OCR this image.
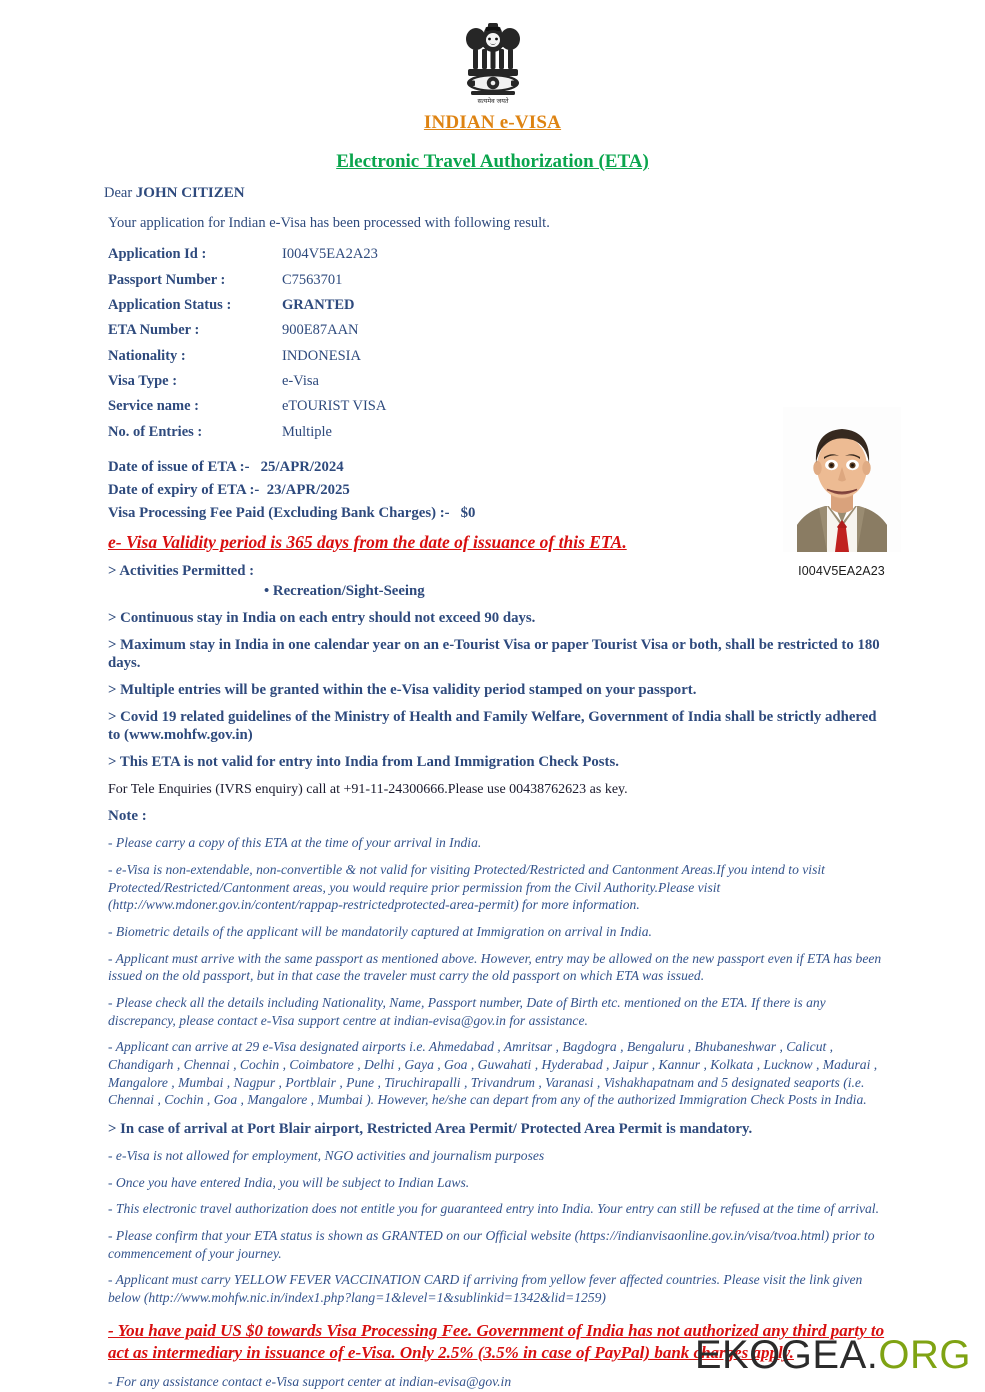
सत्यमेव जयते
INDIAN e-VISA
Electronic Travel Authorization (ETA)
I004V5EA2A23
Dear JOHN CITIZEN
Your application for Indian e-Visa has been processed with following result.
Application Id :	I004V5EA2A23
Passport Number :	C7563701
Application Status :	GRANTED
ETA Number :	900E87AAN
Nationality :	INDONESIA
Visa Type :	e-Visa
Service name :	eTOURIST VISA
No. of Entries :	Multiple
Date of issue of ETA :-   25/APR/2024
Date of expiry of ETA :-  23/APR/2025
Visa Processing Fee Paid (Excluding Bank Charges) :-   $0
e- Visa Validity period is 365 days from the date of issuance of this ETA.
> Activities Permitted :
• Recreation/Sight-Seeing
> Continuous stay in India on each entry should not exceed 90 days.
> Maximum stay in India in one calendar year on an e-Tourist Visa or paper Tourist Visa or both, shall be restricted to 180 days.
> Multiple entries will be granted within the e-Visa validity period stamped on your passport.
> Covid 19 related guidelines of the Ministry of Health and Family Welfare, Government of India shall be strictly adhered to (www.mohfw.gov.in)
> This ETA is not valid for entry into India from Land Immigration Check Posts.
For Tele Enquiries (IVRS enquiry) call at +91-11-24300666.Please use 00438762623 as key.
Note :
- Please carry a copy of this ETA at the time of your arrival in India.
- e-Visa is non-extendable, non-convertible & not valid for visiting Protected/Restricted and Cantonment Areas.If you intend to visit Protected/Restricted/Cantonment areas, you would require prior permission from the Civil Authority.Please visit (http://www.mdoner.gov.in/content/rappap-restrictedprotected-area-permit) for more information.
- Biometric details of the applicant will be mandatorily captured at Immigration on arrival in India.
- Applicant must arrive with the same passport as mentioned above. However, entry may be allowed on the new passport even if ETA has been issued on the old passport, but in that case the traveler must carry the old passport on which ETA was issued.
- Please check all the details including Nationality, Name, Passport number, Date of Birth etc. mentioned on the ETA. If there is any discrepancy, please contact e-Visa support centre at indian-evisa@gov.in for assistance.
- Applicant can arrive at 29 e-Visa designated airports i.e. Ahmedabad , Amritsar , Bagdogra , Bengaluru , Bhubaneshwar , Calicut , Chandigarh , Chennai , Cochin , Coimbatore , Delhi , Gaya , Goa , Guwahati , Hyderabad , Jaipur , Kannur , Kolkata , Lucknow , Madurai , Mangalore , Mumbai , Nagpur , Portblair , Pune , Tiruchirapalli , Trivandrum , Varanasi , Vishakhapatnam and 5 designated seaports (i.e. Chennai , Cochin , Goa , Mangalore , Mumbai ). However, he/she can depart from any of the authorized Immigration Check Posts in India.
> In case of arrival at Port Blair airport, Restricted Area Permit/ Protected Area Permit is mandatory.
- e-Visa is not allowed for employment, NGO activities and journalism purposes
- Once you have entered India, you will be subject to Indian Laws.
- This electronic travel authorization does not entitle you for guaranteed entry into India. Your entry can still be refused at the time of arrival.
- Please confirm that your ETA status is shown as GRANTED on our Official website (https://indianvisaonline.gov.in/visa/tvoa.html) prior to commencement of your journey.
- Applicant must carry YELLOW FEVER VACCINATION CARD if arriving from yellow fever affected countries. Please visit the link given below (http://www.mohfw.nic.in/index1.php?lang=1&level=1&sublinkid=1342&lid=1259)
- You have paid US $0 towards Visa Processing Fee. Government of India has not authorized any third party to act as intermediary in issuance of e-Visa. Only 2.5% (3.5% in case of PayPal) bank charges apply.
- For any assistance contact e-Visa support center at indian-evisa@gov.in
EKOGEA.ORG
